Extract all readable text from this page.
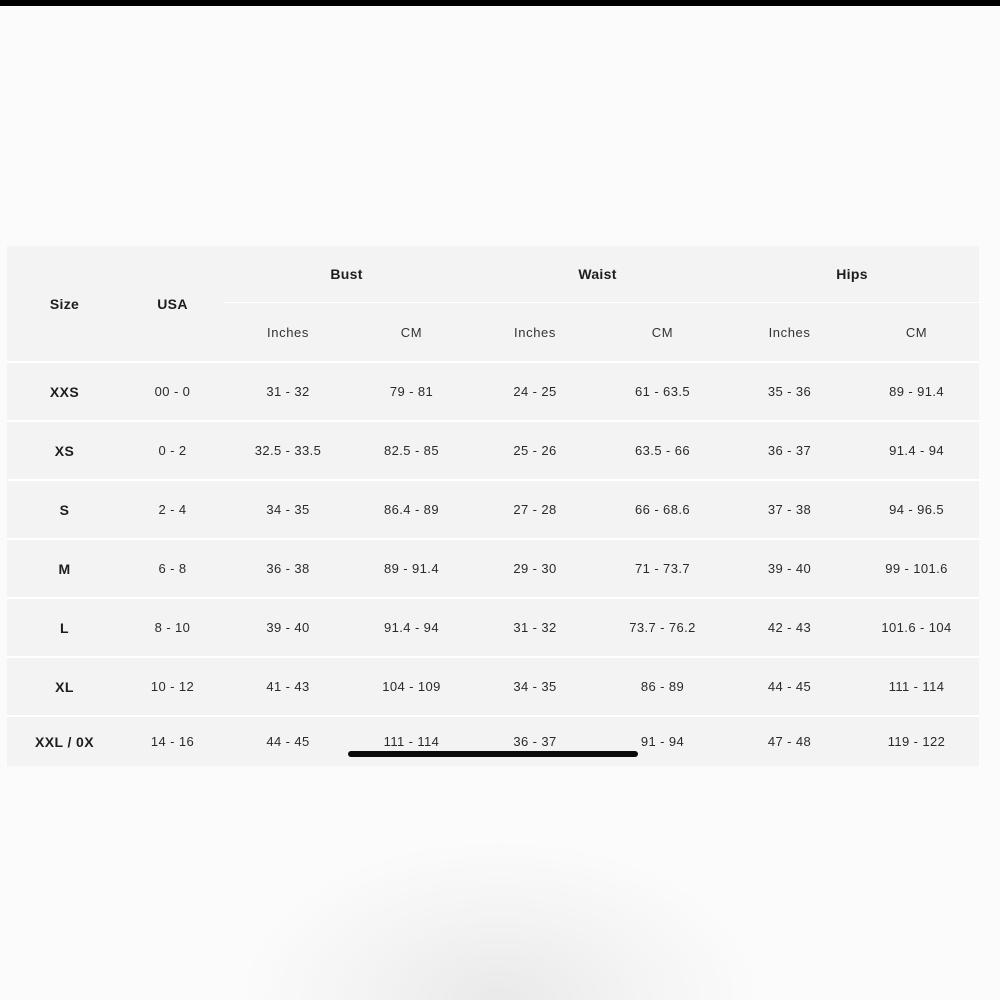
Size	USA	Bust		Waist		Hips	
		Inches	CM	Inches	CM	Inches	CM
XXS	00 - 0	31 - 32	79 - 81	24 - 25	61 - 63.5	35 - 36	89 - 91.4
XS	0 - 2	32.5 - 33.5	82.5 - 85	25 - 26	63.5 - 66	36 - 37	91.4 - 94
S	2 - 4	34 - 35	86.4 - 89	27 - 28	66 - 68.6	37 - 38	94 - 96.5
M	6 - 8	36 - 38	89 - 91.4	29 - 30	71 - 73.7	39 - 40	99 - 101.6
L	8 - 10	39 - 40	91.4 - 94	31 - 32	73.7 - 76.2	42 - 43	101.6 - 104
XL	10 - 12	41 - 43	104 - 109	34 - 35	86 - 89	44 - 45	111 - 114
XXL / 0X	14 - 16	44 - 45	111 - 114	36 - 37	91 - 94	47 - 48	119 - 122
